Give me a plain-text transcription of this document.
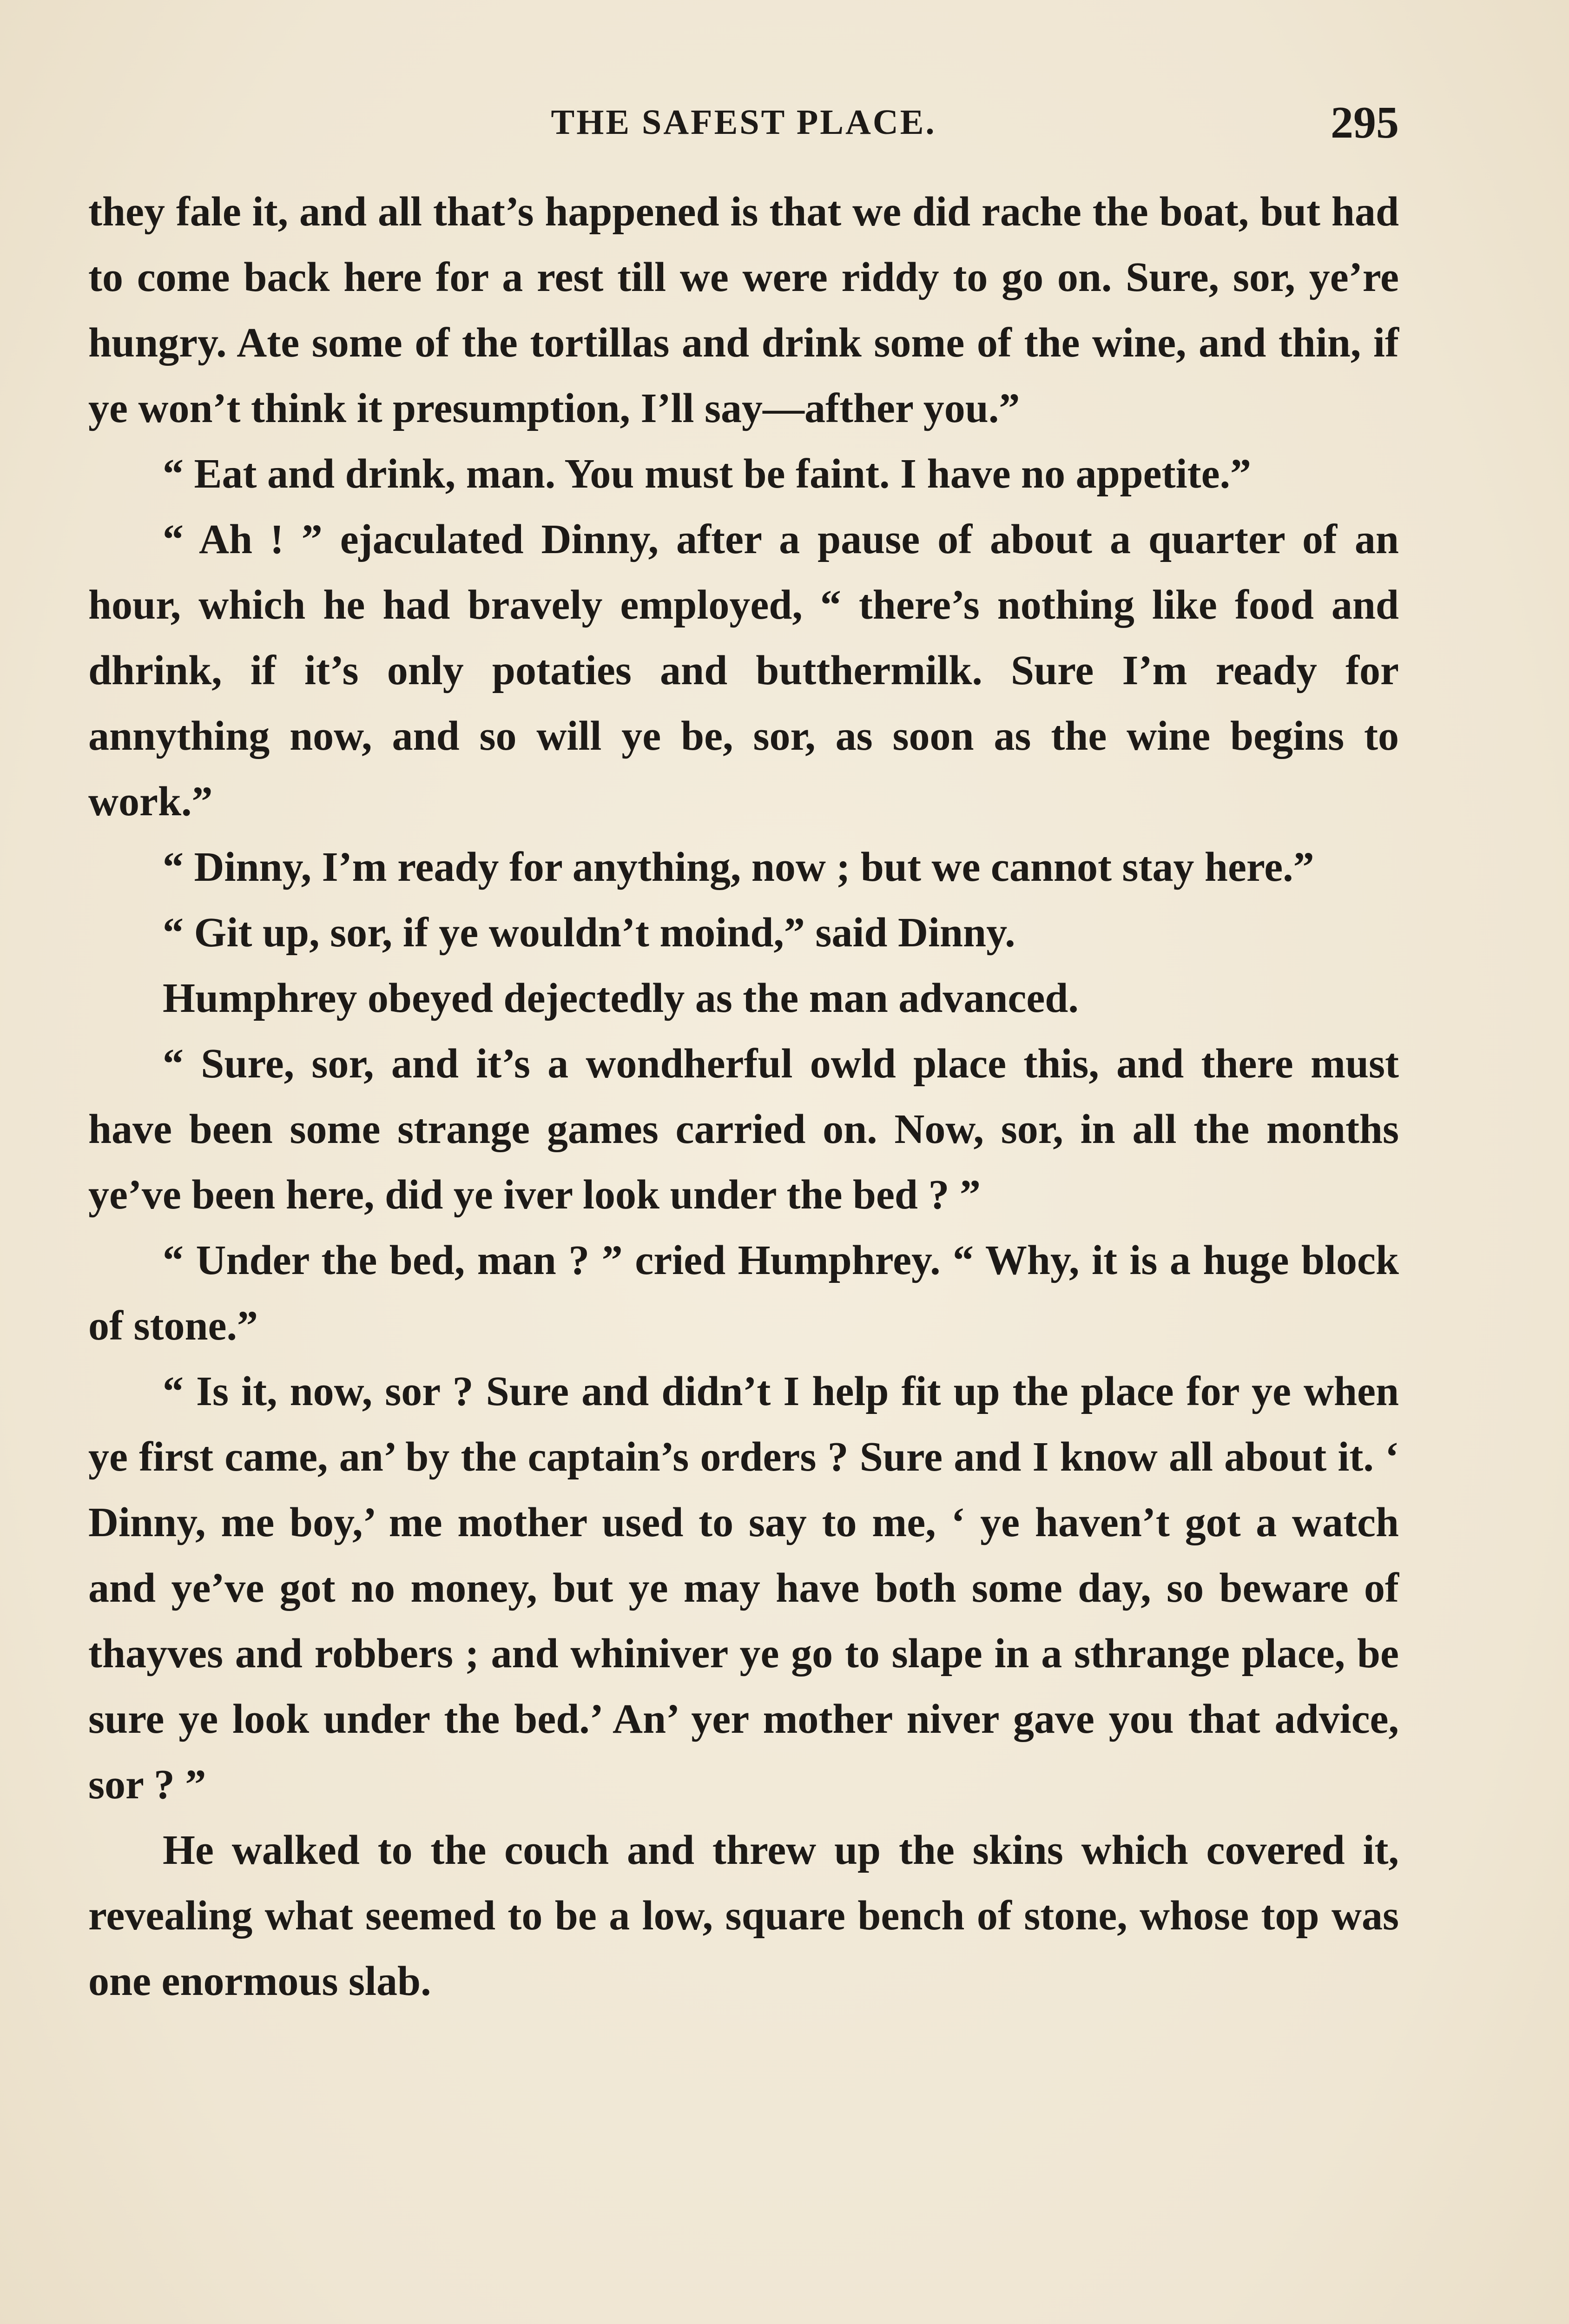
THE SAFEST PLACE.	295

they fale it, and all that’s happened is that we did rache the boat, but had to come back here for a rest till we were riddy to go on. Sure, sor, ye’re hungry. Ate some of the tortillas and drink some of the wine, and thin, if ye won’t think it presumption, I’ll say—afther you.”

“ Eat and drink, man. You must be faint. I have no appetite.”

“ Ah ! ” ejaculated Dinny, after a pause of about a quarter of an hour, which he had bravely employed, “ there’s nothing like food and dhrink, if it’s only potaties and butthermilk. Sure I’m ready for annything now, and so will ye be, sor, as soon as the wine begins to work.”

“ Dinny, I’m ready for anything, now ; but we cannot stay here.”

“ Git up, sor, if ye wouldn’t moind,” said Dinny.

Humphrey obeyed dejectedly as the man advanced.

“ Sure, sor, and it’s a wondherful owld place this, and there must have been some strange games carried on. Now, sor, in all the months ye’ve been here, did ye iver look under the bed ? ”

“ Under the bed, man ? ” cried Humphrey. “ Why, it is a huge block of stone.”

“ Is it, now, sor ? Sure and didn’t I help fit up the place for ye when ye first came, an’ by the captain’s orders ? Sure and I know all about it. ‘ Dinny, me boy,’ me mother used to say to me, ‘ ye haven’t got a watch and ye’ve got no money, but ye may have both some day, so beware of thayves and robbers ; and whiniver ye go to slape in a sthrange place, be sure ye look under the bed.’ An’ yer mother niver gave you that advice, sor ? ”

He walked to the couch and threw up the skins which covered it, revealing what seemed to be a low, square bench of stone, whose top was one enormous slab.
